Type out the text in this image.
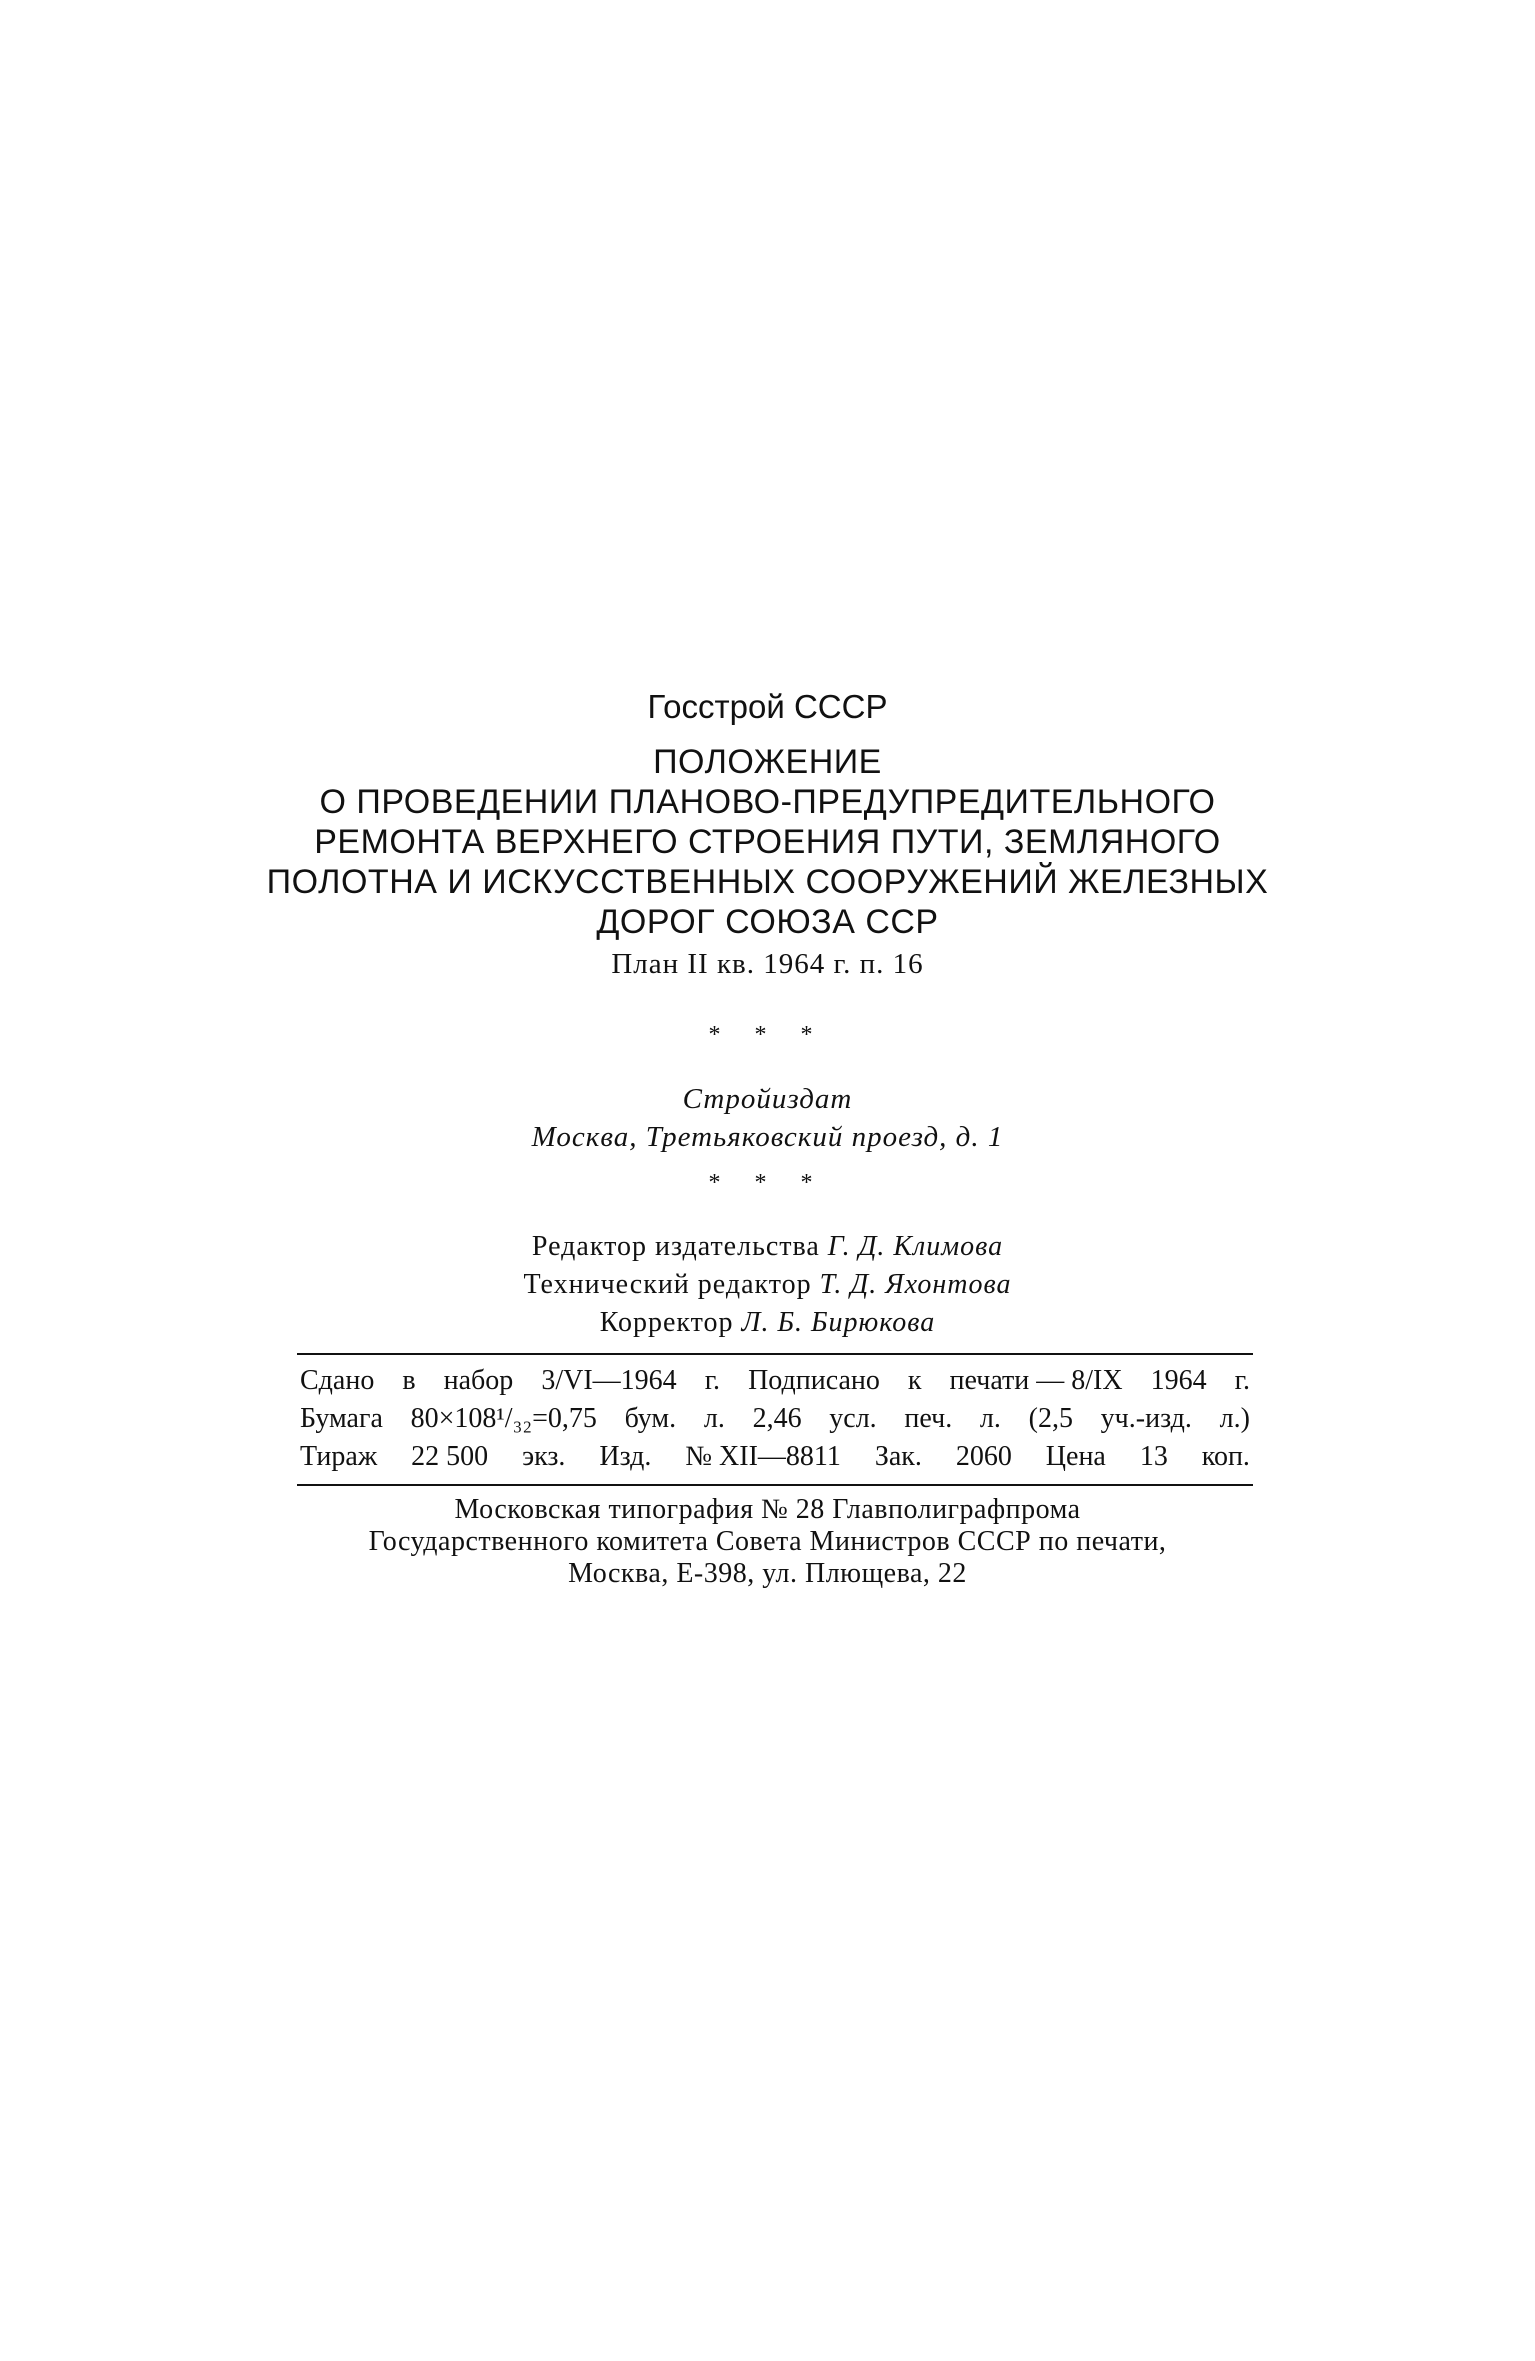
Госстрой СССР
ПОЛОЖЕНИЕ
О ПРОВЕДЕНИИ ПЛАНОВО-ПРЕДУПРЕДИТЕЛЬНОГО
РЕМОНТА ВЕРХНЕГО СТРОЕНИЯ ПУТИ, ЗЕМЛЯНОГО
ПОЛОТНА И ИСКУССТВЕННЫХ СООРУЖЕНИЙ ЖЕЛЕЗНЫХ
ДОРОГ СОЮЗА ССР
План II кв. 1964 г. п. 16
* * *
Стройиздат
Москва, Третьяковский проезд, д. 1
* * *
Редактор издательства Г. Д. Климова
Технический редактор Т. Д. Яхонтова
Корректор Л. Б. Бирюкова
Сдано в набор 3/VI—1964 г. Подписано к печати — 8/IX 1964 г.
Бумага 80×108¹/₃₂=0,75 бум. л. 2,46 усл. печ. л. (2,5 уч.-изд. л.)
Тираж 22 500 экз. Изд. № XII—8811 Зак. 2060 Цена 13 коп.
Московская типография № 28 Главполиграфпрома
Государственного комитета Совета Министров СССР по печати,
Москва, Е-398, ул. Плющева, 22
